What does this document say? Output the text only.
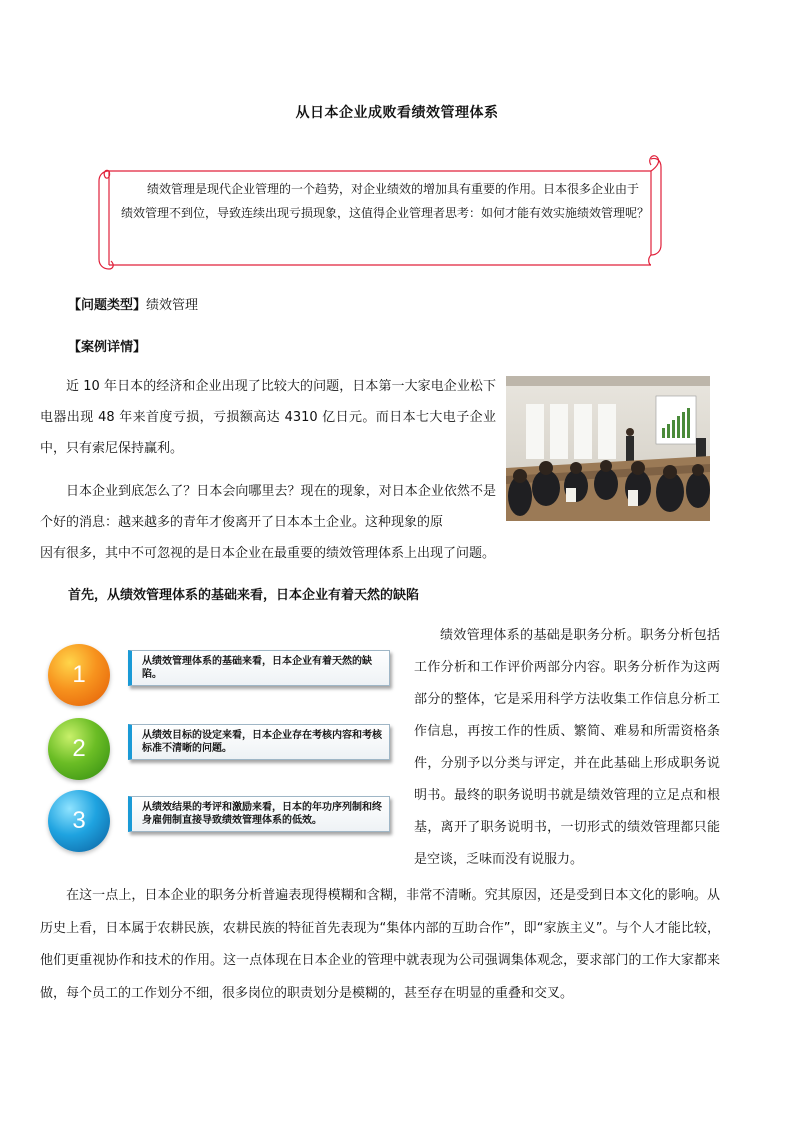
从日本企业成败看绩效管理体系
绩效管理是现代企业管理的一个趋势，对企业绩效的增加具有重要的作用。日本很多企业由于绩效管理不到位，导致连续出现亏损现象，这值得企业管理者思考：如何才能有效实施绩效管理呢？
【问题类型】绩效管理
【案例详情】
近 10 年日本的经济和企业出现了比较大的问题，日本第一大家电企业松下电器出现 48 年来首度亏损，亏损额高达 4310 亿日元。而日本七大电子企业中，只有索尼保持赢利。
日本企业到底怎么了？日本会向哪里去？现在的现象，对日本企业依然不是个好的消息：越来越多的青年才俊离开了日本本土企业。这种现象的原
因有很多，其中不可忽视的是日本企业在最重要的绩效管理体系上出现了问题。
首先，从绩效管理体系的基础来看，日本企业有着天然的缺陷
1	从绩效管理体系的基础来看，日本企业有着天然的缺陷。
2	从绩效目标的设定来看，日本企业存在考核内容和考核标准不清晰的问题。
3	从绩效结果的考评和激励来看，日本的年功序列制和终身雇佣制直接导致绩效管理体系的低效。
绩效管理体系的基础是职务分析。职务分析包括工作分析和工作评价两部分内容。职务分析作为这两部分的整体，它是采用科学方法收集工作信息分析工作信息，再按工作的性质、繁简、难易和所需资格条件，分别予以分类与评定，并在此基础上形成职务说明书。最终的职务说明书就是绩效管理的立足点和根基，离开了职务说明书，一切形式的绩效管理都只能是空谈，乏味而没有说服力。
在这一点上，日本企业的职务分析普遍表现得模糊和含糊，非常不清晰。究其原因，还是受到日本文化的影响。从历史上看，日本属于农耕民族，农耕民族的特征首先表现为“集体内部的互助合作”，即“家族主义”。与个人才能比较，他们更重视协作和技术的作用。这一点体现在日本企业的管理中就表现为公司强调集体观念，要求部门的工作大家都来做，每个员工的工作划分不细，很多岗位的职责划分是模糊的，甚至存在明显的重叠和交叉。
